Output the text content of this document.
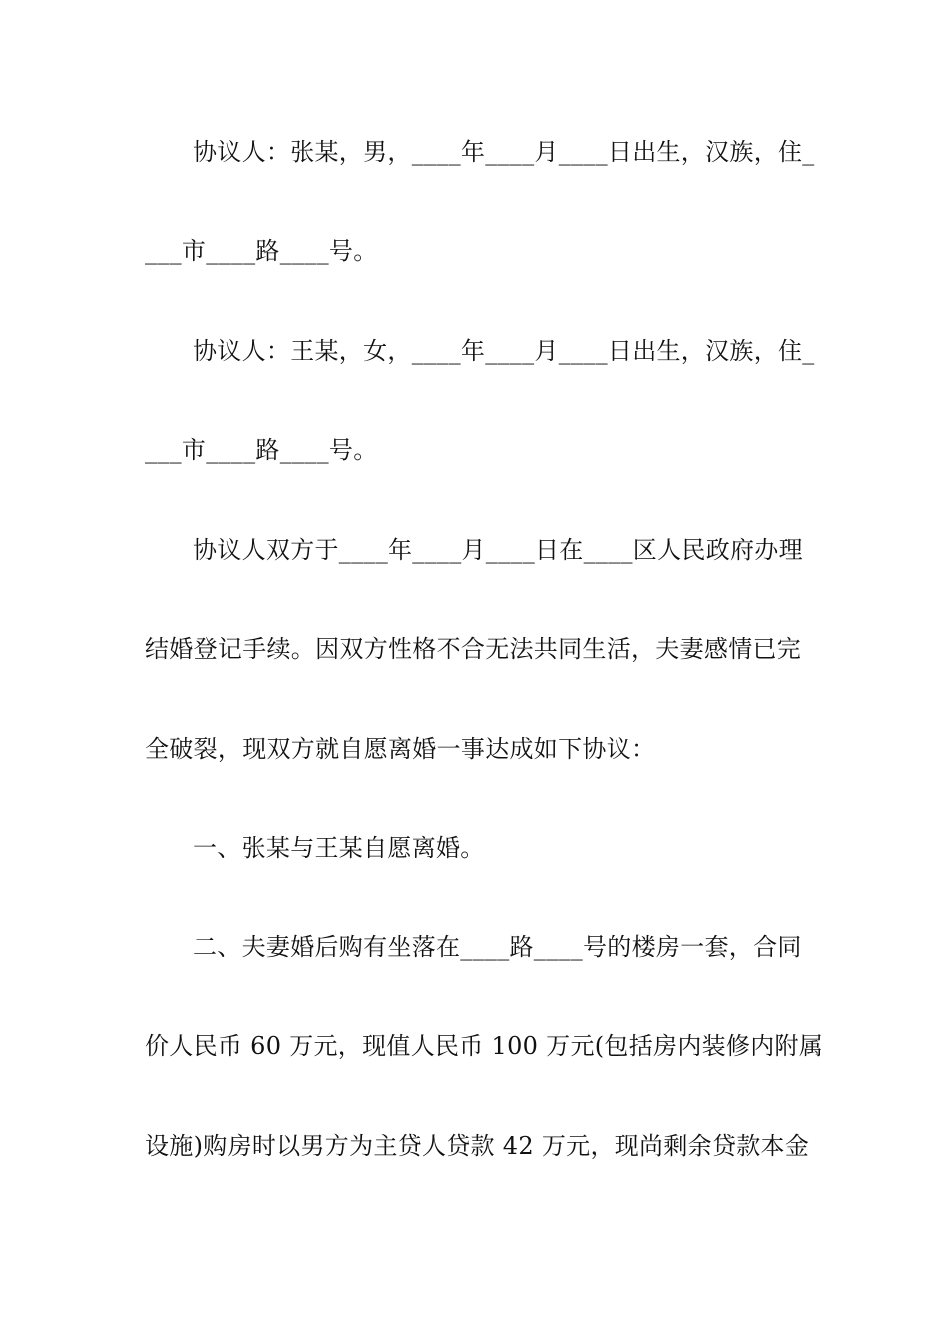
协议人：张某，男，____年____月____日出生，汉族，住_
___市____路____号。
协议人：王某，女，____年____月____日出生，汉族，住_
___市____路____号。
协议人双方于____年____月____日在____区人民政府办理
结婚登记手续。因双方性格不合无法共同生活，夫妻感情已完
全破裂，现双方就自愿离婚一事达成如下协议：
一、张某与王某自愿离婚。
二、夫妻婚后购有坐落在____路____号的楼房一套，合同
价人民币 60 万元，现值人民币 100 万元(包括房内装修内附属
设施)购房时以男方为主贷人贷款 42 万元，现尚剩余贷款本金
